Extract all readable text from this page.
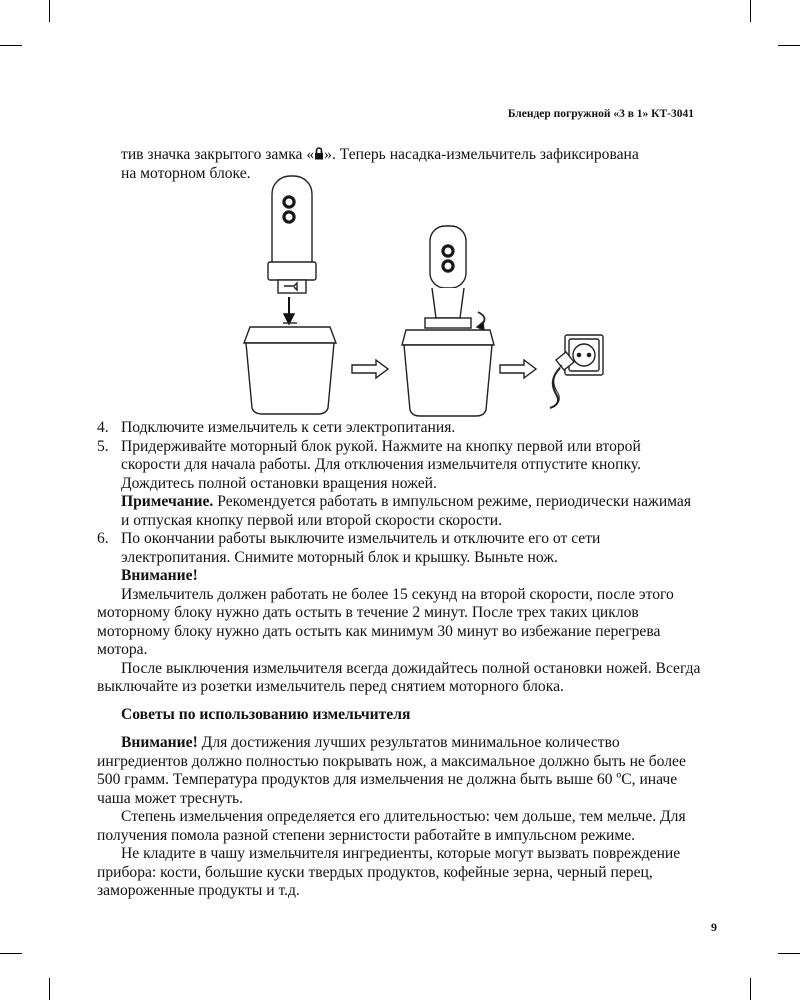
Блендер погружной «3 в 1» КТ-3041

тив значка закрытого замка « ». Теперь насадка-измельчитель зафиксирована

на моторном блоке.

4. Подключите измельчитель к сети электропитания.
5. Придерживайте моторный блок рукой. Нажмите на кнопку первой или второй скорости для начала работы. Для отключения измельчителя отпустите кнопку. Дождитесь полной остановки вращения ножей.

Примечание. Рекомендуется работать в импульсном режиме, периодически нажимая и отпуская кнопку первой или второй скорости скорости.

6. По окончании работы выключите измельчитель и отключите его от сети электропитания. Снимите моторный блок и крышку. Выньте нож.

Внимание!

Измельчитель должен работать не более 15 секунд на второй скорости, после этого моторному блоку нужно дать остыть в течение 2 минут. После трех таких циклов моторному блоку нужно дать остыть как минимум 30 минут во избежание перегрева мотора.

После выключения измельчителя всегда дожидайтесь полной остановки ножей. Всегда выключайте из розетки измельчитель перед снятием моторного блока.

Советы по использованию измельчителя

Внимание! Для достижения лучших результатов минимальное количество ингредиентов должно полностью покрывать нож, а максимальное должно быть не более 500 грамм. Температура продуктов для измельчения не должна быть выше 60 ºС, иначе чаша может треснуть.

Степень измельчения определяется его длительностью: чем дольше, тем мельче. Для получения помола разной степени зернистости работайте в импульсном режиме.

Не кладите в чашу измельчителя ингредиенты, которые могут вызвать повреждение прибора: кости, большие куски твердых продуктов, кофейные зерна, черный перец, замороженные продукты и т.д.

9
